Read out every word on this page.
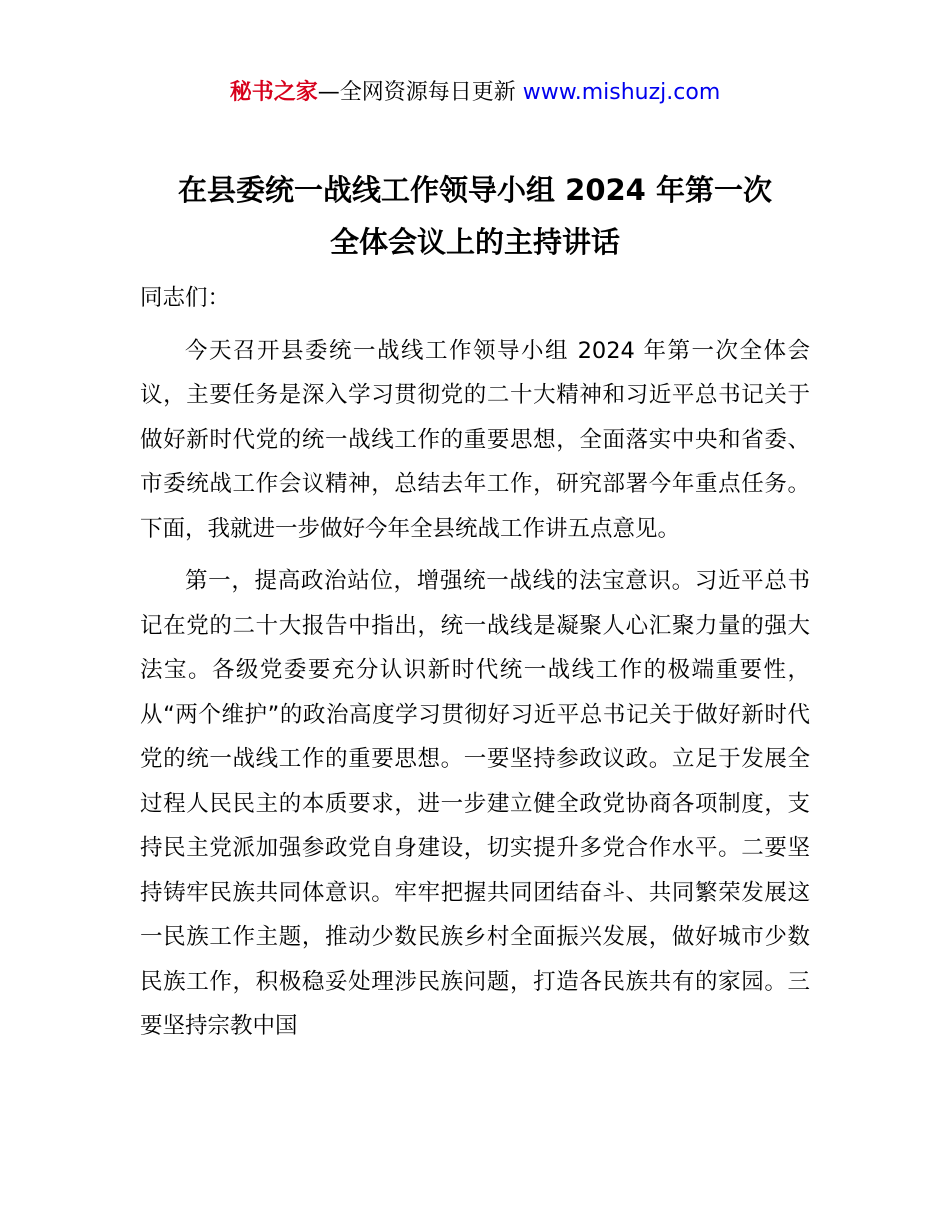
秘书之家—全网资源每日更新 www.mishuzj.com
在县委统一战线工作领导小组 2024 年第一次
全体会议上的主持讲话
同志们：

今天召开县委统一战线工作领导小组 2024 年第一次全体会议，主要任务是深入学习贯彻党的二十大精神和习近平总书记关于做好新时代党的统一战线工作的重要思想，全面落实中央和省委、市委统战工作会议精神，总结去年工作，研究部署今年重点任务。下面，我就进一步做好今年全县统战工作讲五点意见。

第一，提高政治站位，增强统一战线的法宝意识。习近平总书记在党的二十大报告中指出，统一战线是凝聚人心汇聚力量的强大法宝。各级党委要充分认识新时代统一战线工作的极端重要性，从“两个维护”的政治高度学习贯彻好习近平总书记关于做好新时代党的统一战线工作的重要思想。一要坚持参政议政。立足于发展全过程人民民主的本质要求，进一步建立健全政党协商各项制度，支持民主党派加强参政党自身建设，切实提升多党合作水平。二要坚持铸牢民族共同体意识。牢牢把握共同团结奋斗、共同繁荣发展这一民族工作主题，推动少数民族乡村全面振兴发展，做好城市少数民族工作，积极稳妥处理涉民族问题，打造各民族共有的家园。三要坚持宗教中国
